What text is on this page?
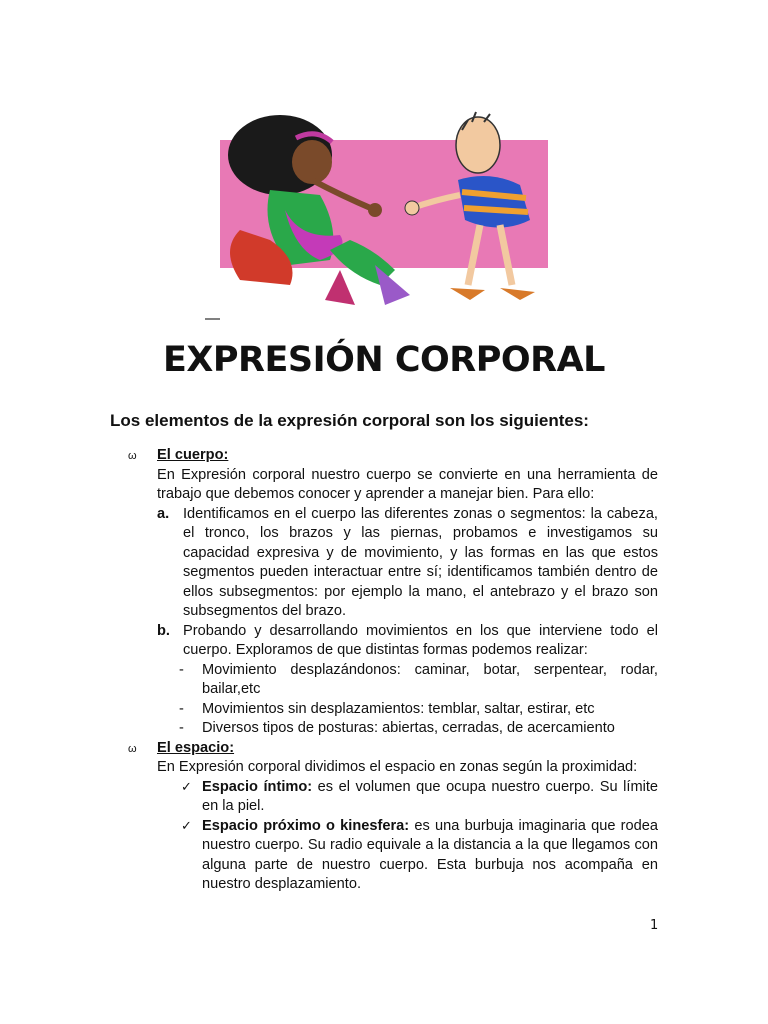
EXPRESIÓN CORPORAL
Los elementos de la expresión corporal son los siguientes:
ω El cuerpo:
En Expresión corporal nuestro cuerpo se convierte en una herramienta de trabajo que debemos conocer y aprender a manejar bien. Para ello:
a. Identificamos en el cuerpo las diferentes zonas o segmentos: la cabeza, el tronco, los brazos y las piernas, probamos e investigamos su capacidad expresiva y de movimiento, y las formas en las que estos segmentos pueden interactuar entre sí; identificamos también dentro de ellos subsegmentos: por ejemplo la mano, el antebrazo y el brazo son subsegmentos del brazo.
b. Probando y desarrollando movimientos en los que interviene todo el cuerpo. Exploramos de que distintas formas podemos realizar:
- Movimiento desplazándonos: caminar, botar, serpentear, rodar, bailar,etc
- Movimientos sin desplazamientos: temblar, saltar, estirar, etc
- Diversos tipos de posturas: abiertas, cerradas, de acercamiento
ω El espacio:
En Expresión corporal dividimos el espacio en zonas según la proximidad:
✓ Espacio íntimo: es el volumen que ocupa nuestro cuerpo. Su límite en la piel.
✓ Espacio próximo o kinesfera: es una burbuja imaginaria que rodea nuestro cuerpo. Su radio equivale a la distancia a la que llegamos con alguna parte de nuestro cuerpo. Esta burbuja nos acompaña en nuestro desplazamiento.
1
